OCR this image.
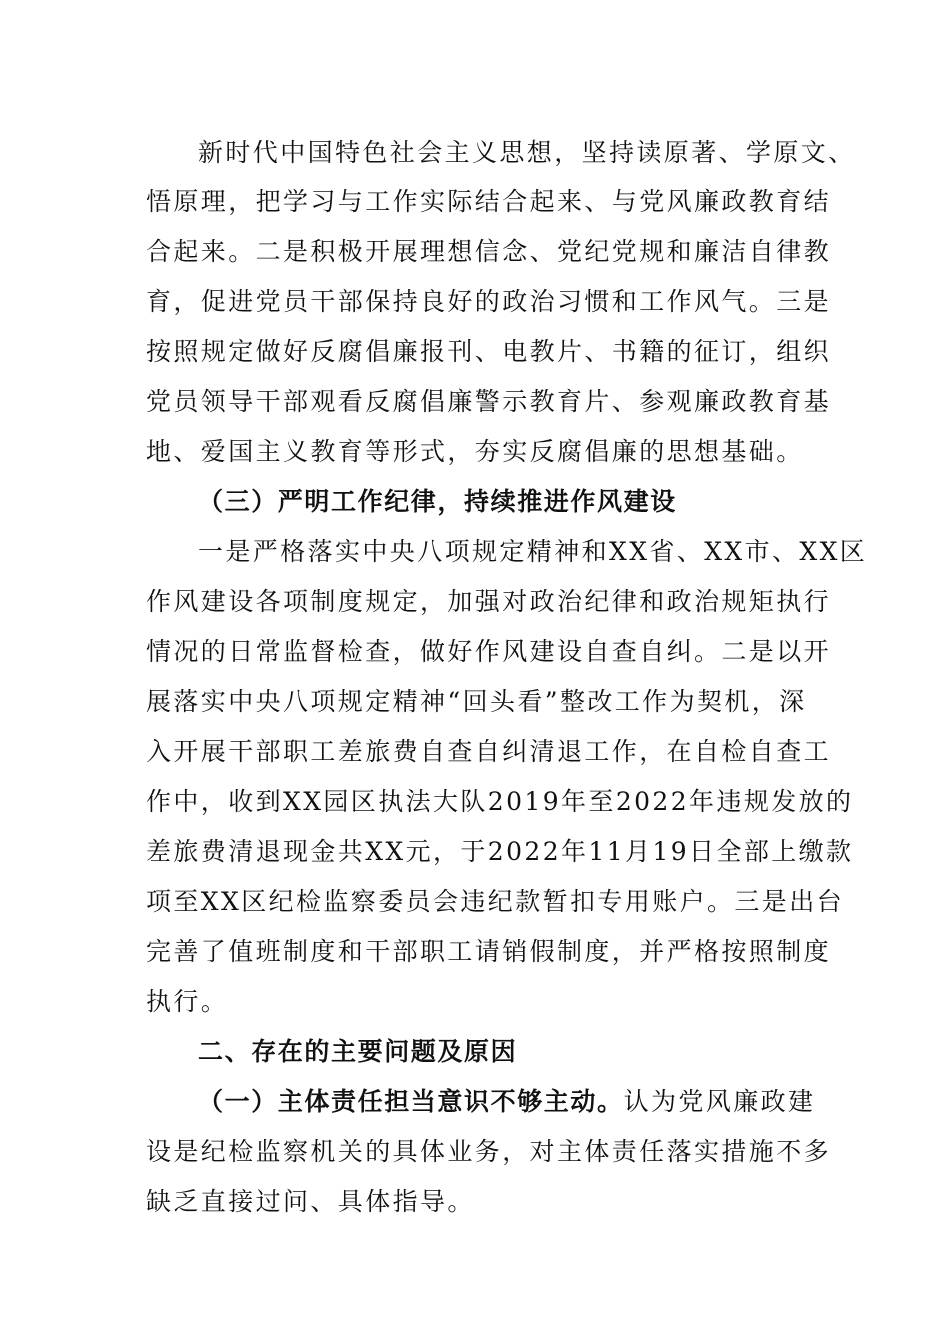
新时代中国特色社会主义思想，坚持读原著、学原文、
悟原理，把学习与工作实际结合起来、与党风廉政教育结
合起来。二是积极开展理想信念、党纪党规和廉洁自律教
育，促进党员干部保持良好的政治习惯和工作风气。三是
按照规定做好反腐倡廉报刊、电教片、书籍的征订，组织
党员领导干部观看反腐倡廉警示教育片、参观廉政教育基
地、爱国主义教育等形式，夯实反腐倡廉的思想基础。
（三）严明工作纪律，持续推进作风建设
一是严格落实中央八项规定精神和XX省、XX市、XX区
作风建设各项制度规定，加强对政治纪律和政治规矩执行
情况的日常监督检查，做好作风建设自查自纠。二是以开
展落实中央八项规定精神“回头看”整改工作为契机，深
入开展干部职工差旅费自查自纠清退工作，在自检自查工
作中，收到XX园区执法大队2019年至2022年违规发放的
差旅费清退现金共XX元，于2022年11月19日全部上缴款
项至XX区纪检监察委员会违纪款暂扣专用账户。三是出台
完善了值班制度和干部职工请销假制度，并严格按照制度
执行。
二、存在的主要问题及原因
（一）主体责任担当意识不够主动。认为党风廉政建
设是纪检监察机关的具体业务，对主体责任落实措施不多
缺乏直接过问、具体指导。
